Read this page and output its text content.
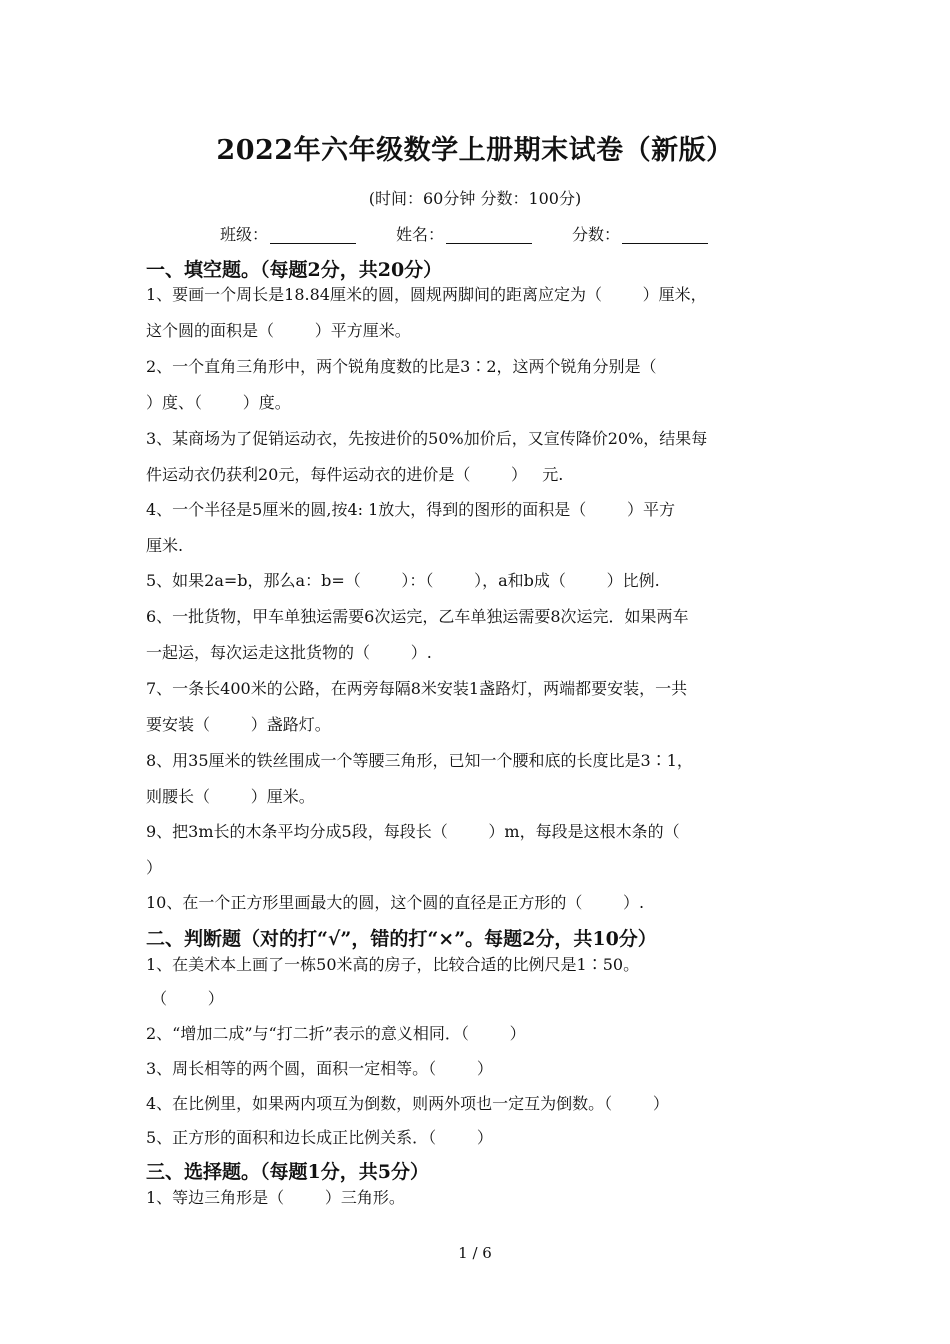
2022年六年级数学上册期末试卷（新版）
(时间：60分钟 分数：100分)
班级：	姓名：	分数：
一、填空题。（每题2分，共20分）
1、要画一个周长是18.84厘米的圆，圆规两脚间的距离应定为（        ）厘米，
这个圆的面积是（        ）平方厘米。
2、一个直角三角形中，两个锐角度数的比是3∶2，这两个锐角分别是（
）度、（        ）度。
3、某商场为了促销运动衣，先按进价的50%加价后，又宣传降价20%，结果每
件运动衣仍获利20元，每件运动衣的进价是（        ）   元.
4、一个半径是5厘米的圆,按4: 1放大，得到的图形的面积是（        ）平方
厘米.
5、如果2a=b，那么a：b=（        ）：（        ），a和b成（        ）比例.
6、一批货物，甲车单独运需要6次运完，乙车单独运需要8次运完．如果两车
一起运，每次运走这批货物的（        ）.
7、一条长400米的公路，在两旁每隔8米安装1盏路灯，两端都要安装，一共
要安装（        ）盏路灯。
8、用35厘米的铁丝围成一个等腰三角形，已知一个腰和底的长度比是3∶1，
则腰长（        ）厘米。
9、把3m长的木条平均分成5段，每段长（        ）m，每段是这根木条的（
）
10、在一个正方形里画最大的圆，这个圆的直径是正方形的（        ）.
二、判断题（对的打“√”，错的打“×”。每题2分，共10分）
1、在美术本上画了一栋50米高的房子，比较合适的比例尺是1∶50。
（        ）
2、“增加二成”与“打二折”表示的意义相同．（        ）
3、周长相等的两个圆，面积一定相等。（        ）
4、在比例里，如果两内项互为倒数，则两外项也一定互为倒数。（        ）
5、正方形的面积和边长成正比例关系．（        ）
三、选择题。（每题1分，共5分）
1、等边三角形是（        ）三角形。
1 / 6
